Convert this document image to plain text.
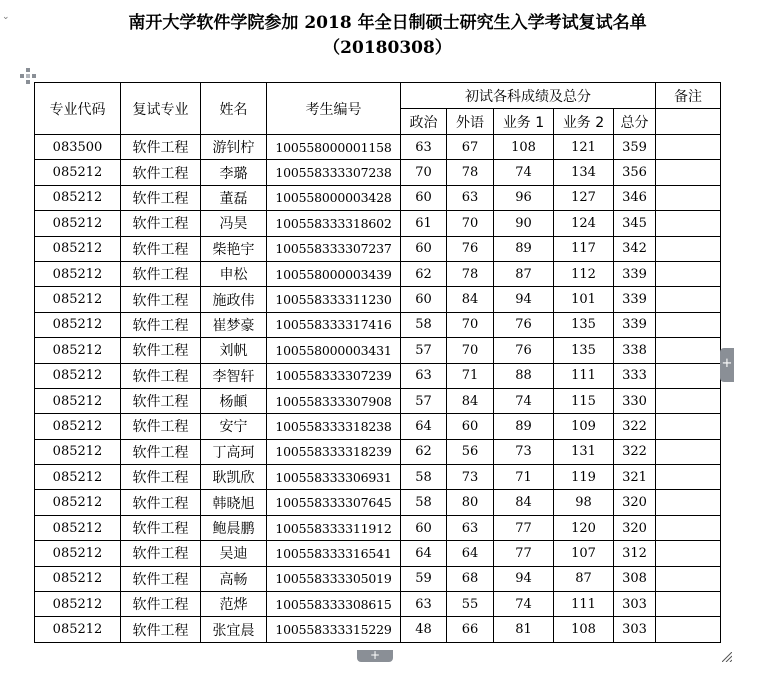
⌄	南开大学软件学院参加 2018 年全日制硕士研究生入学考试复试名单
（20180308）
专业代码	复试专业	姓名	考生编号	初试各科成绩及总分					备注
				政治	外语	业务 1	业务 2	总分	
083500	软件工程	游钊柠	100558000001158	63	67	108	121	359	
085212	软件工程	李璐	100558333307238	70	78	74	134	356	
085212	软件工程	董磊	100558000003428	60	63	96	127	346	
085212	软件工程	冯昊	100558333318602	61	70	90	124	345	
085212	软件工程	柴艳宇	100558333307237	60	76	89	117	342	
085212	软件工程	申松	100558000003439	62	78	87	112	339	
085212	软件工程	施政伟	100558333311230	60	84	94	101	339	
085212	软件工程	崔梦豪	100558333317416	58	70	76	135	339	
085212	软件工程	刘帆	100558000003431	57	70	76	135	338	
085212	软件工程	李智轩	100558333307239	63	71	88	111	333	
085212	软件工程	杨頔	100558333307908	57	84	74	115	330	
085212	软件工程	安宁	100558333318238	64	60	89	109	322	
085212	软件工程	丁高珂	100558333318239	62	56	73	131	322	
085212	软件工程	耿凯欣	100558333306931	58	73	71	119	321	
085212	软件工程	韩晓旭	100558333307645	58	80	84	98	320	
085212	软件工程	鲍晨鹏	100558333311912	60	63	77	120	320	
085212	软件工程	吴迪	100558333316541	64	64	77	107	312	
085212	软件工程	高畅	100558333305019	59	68	94	87	308	
085212	软件工程	范烨	100558333308615	63	55	74	111	303	
085212	软件工程	张宜晨	100558333315229	48	66	81	108	303	
+
+
